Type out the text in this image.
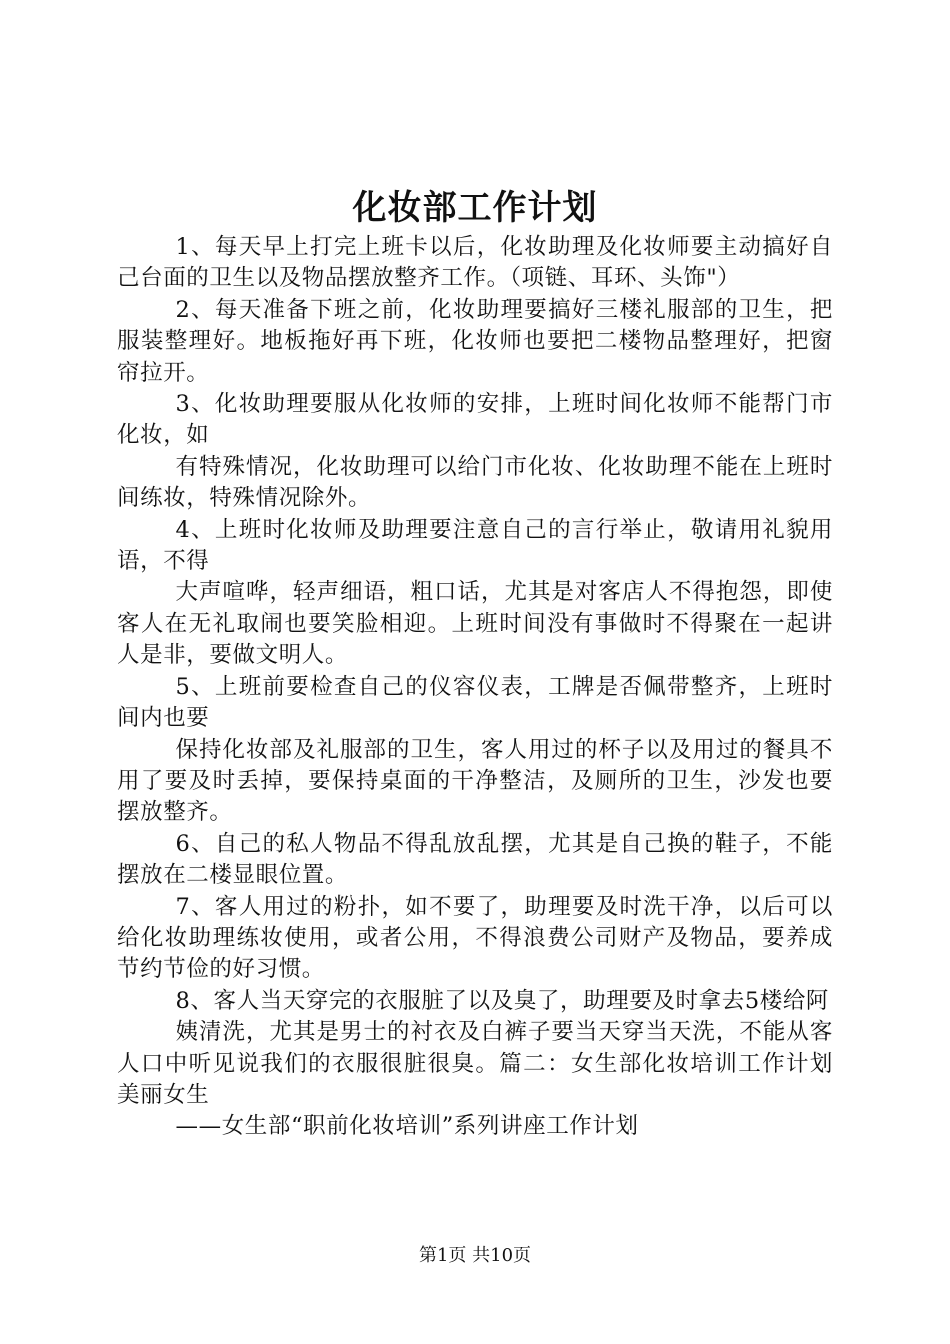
化妆部工作计划

1、每天早上打完上班卡以后，化妆助理及化妆师要主动搞好自己台面的卫生以及物品摆放整齐工作。（项链、耳环、头饰"）

2、每天准备下班之前，化妆助理要搞好三楼礼服部的卫生，把服装整理好。地板拖好再下班，化妆师也要把二楼物品整理好，把窗帘拉开。

3、化妆助理要服从化妆师的安排，上班时间化妆师不能帮门市化妆，如

有特殊情况，化妆助理可以给门市化妆、化妆助理不能在上班时间练妆，特殊情况除外。

4、上班时化妆师及助理要注意自己的言行举止，敬请用礼貌用语，不得

大声喧哗，轻声细语，粗口话，尤其是对客店人不得抱怨，即使客人在无礼取闹也要笑脸相迎。上班时间没有事做时不得聚在一起讲人是非，要做文明人。

5、上班前要检查自己的仪容仪表，工牌是否佩带整齐，上班时间内也要

保持化妆部及礼服部的卫生，客人用过的杯子以及用过的餐具不用了要及时丢掉，要保持桌面的干净整洁，及厕所的卫生，沙发也要摆放整齐。

6、自己的私人物品不得乱放乱摆，尤其是自己换的鞋子，不能摆放在二楼显眼位置。

7、客人用过的粉扑，如不要了，助理要及时洗干净，以后可以给化妆助理练妆使用，或者公用，不得浪费公司财产及物品，要养成节约节俭的好习惯。

8、客人当天穿完的衣服脏了以及臭了，助理要及时拿去5楼给阿

姨清洗，尤其是男士的衬衣及白裤子要当天穿当天洗，不能从客人口中听见说我们的衣服很脏很臭。篇二：女生部化妆培训工作计划美丽女生

——女生部“职前化妆培训”系列讲座工作计划

第1页 共10页
